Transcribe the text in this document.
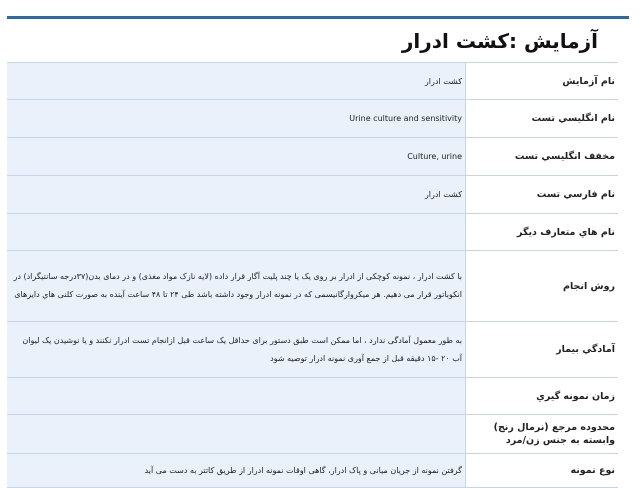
آزمایش :کشت ادرار
نام آزمايش	کشت ادرار
نام انگليسي تست	Urine culture and sensitivity
مخفف انگليسي تست	Culture, urine
نام فارسي تست	کشت ادرار
نام هاي متعارف ديگر	
روش انجام	با کشت ادرار ، نمونه کوچکی از ادرار بر روی یک یا چند پلیت آگار قرار داده (لایه نازک مواد مغذی) و در دمای بدن(۳۷درجه سانتیگراد) در انکوباتور قرار می دهیم. هر میکروارگانیسمی که در نمونه ادرار وجود داشته باشد طی ۲۴ تا ۴۸ ساعت آينده به صورت کلنی هاي دايرهای
آمادگي بيمار	به طور معمول آمادگی ندارد ، اما ممکن است طبق دستور برای حداقل یک ساعت قبل ازانجام تست ادرار نکنند و یا نوشیدن یک لیوان آب ۲۰ -۱۵ دقیقه قبل از جمع آوری نمونه ادرار توصیه شود
زمان نمونه گيري	
محدوده مرجع (نرمال رنج) وابسته به جنس زن/مرد	
نوع نمونه	گرفتن نمونه از جریان میانی و پاک ادرار، گاهی اوقات نمونه ادرار از طریق کاتتر به دست می آید
